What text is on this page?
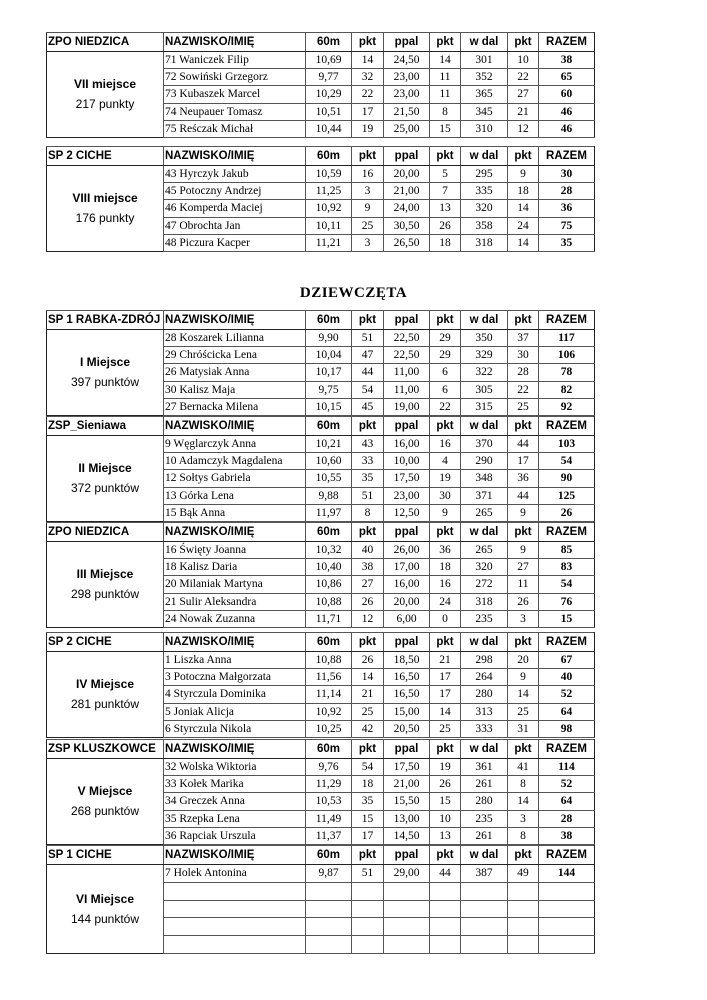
ZPO NIEDZICA	NAZWISKO/IMIĘ	60m	pkt	ppal	pkt	w dal	pkt	RAZEM

VII miejsce
217 punkty	71 Waniczek Filip	10,69	14	24,50	14	301	10	38
	72 Sowiński Grzegorz	9,77	32	23,00	11	352	22	65
	73 Kubaszek Marcel	10,29	22	23,00	11	365	27	60
	74 Neupauer Tomasz	10,51	17	21,50	8	345	21	46
	75 Reśczak Michał	10,44	19	25,00	15	310	12	46
SP 2 CICHE	NAZWISKO/IMIĘ	60m	pkt	ppal	pkt	w dal	pkt	RAZEM

VIII miejsce
176 punkty	43 Hyrczyk Jakub	10,59	16	20,00	5	295	9	30
	45 Potoczny Andrzej	11,25	3	21,00	7	335	18	28
	46 Komperda Maciej	10,92	9	24,00	13	320	14	36
	47 Obrochta Jan	10,11	25	30,50	26	358	24	75
	48 Piczura Kacper	11,21	3	26,50	18	318	14	35
DZIEWCZĘTA
SP 1 RABKA-ZDRÓJ	NAZWISKO/IMIĘ	60m	pkt	ppal	pkt	w dal	pkt	RAZEM

I Miejsce
397 punktów	28 Koszarek Lilianna	9,90	51	22,50	29	350	37	117
	29 Chróścicka Lena	10,04	47	22,50	29	329	30	106
	26 Matysiak Anna	10,17	44	11,00	6	322	28	78
	30 Kalisz Maja	9,75	54	11,00	6	305	22	82
	27 Bernacka Milena	10,15	45	19,00	22	315	25	92
ZSP_Sieniawa	NAZWISKO/IMIĘ	60m	pkt	ppal	pkt	w dal	pkt	RAZEM

II Miejsce
372 punktów	9 Węglarczyk Anna	10,21	43	16,00	16	370	44	103
	10 Adamczyk Magdalena	10,60	33	10,00	4	290	17	54
	12 Sołtys Gabriela	10,55	35	17,50	19	348	36	90
	13 Górka Lena	9,88	51	23,00	30	371	44	125
	15 Bąk Anna	11,97	8	12,50	9	265	9	26
ZPO NIEDZICA	NAZWISKO/IMIĘ	60m	pkt	ppal	pkt	w dal	pkt	RAZEM

III Miejsce
298 punktów	16 Święty Joanna	10,32	40	26,00	36	265	9	85
	18 Kalisz Daria	10,40	38	17,00	18	320	27	83
	20 Milaniak Martyna	10,86	27	16,00	16	272	11	54
	21 Sulir Aleksandra	10,88	26	20,00	24	318	26	76
	24 Nowak Zuzanna	11,71	12	6,00	0	235	3	15
SP 2 CICHE	NAZWISKO/IMIĘ	60m	pkt	ppal	pkt	w dal	pkt	RAZEM

IV Miejsce
281 punktów	1 Liszka Anna	10,88	26	18,50	21	298	20	67
	3 Potoczna Małgorzata	11,56	14	16,50	17	264	9	40
	4 Styrczula Dominika	11,14	21	16,50	17	280	14	52
	5 Joniak Alicja	10,92	25	15,00	14	313	25	64
	6 Styrczula Nikola	10,25	42	20,50	25	333	31	98
ZSP KLUSZKOWCE	NAZWISKO/IMIĘ	60m	pkt	ppal	pkt	w dal	pkt	RAZEM

V Miejsce
268 punktów	32 Wolska Wiktoria	9,76	54	17,50	19	361	41	114
	33 Kołek Marika	11,29	18	21,00	26	261	8	52
	34 Greczek Anna	10,53	35	15,50	15	280	14	64
	35 Rzepka Lena	11,49	15	13,00	10	235	3	28
	36 Rapciak Urszula	11,37	17	14,50	13	261	8	38
SP 1 CICHE	NAZWISKO/IMIĘ	60m	pkt	ppal	pkt	w dal	pkt	RAZEM

VI Miejsce
144 punktów	7 Holek Antonina	9,87	51	29,00	44	387	49	144
